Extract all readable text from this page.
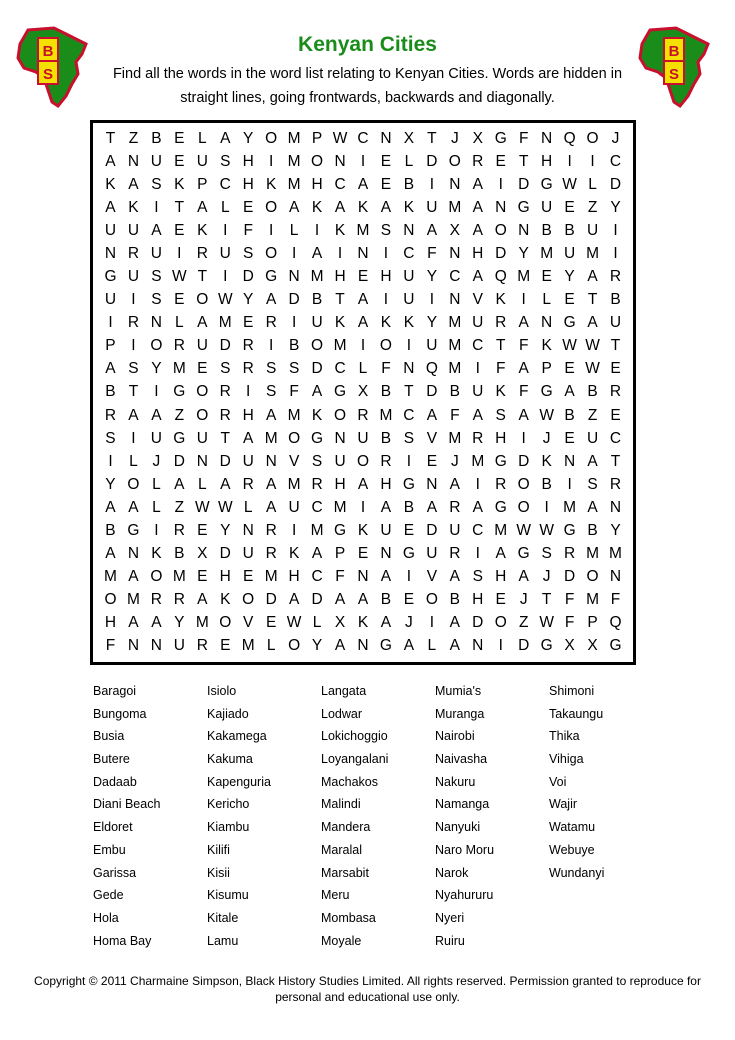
B
S
B
S
Kenyan Cities
Find all the words in the word list relating to Kenyan Cities. Words are hidden in straight lines, going frontwards, backwards and diagonally.
T Z B E L A Y O M P W C N X T J X G F N Q O J
A N U E U S H I M O N I	E L D O R E T H I	I C
K A S K P C H K M H C A E B	I N A	I D G W L D
A K	I	T A L E O A K A K A K U M A N G U E Z Y
U U A E K	I	F	I	L	I	K M S N A X A O N B B U I
N R U I R U S O I	A	I N I C F N H D Y M U M I
G U S W T	I D G N M H E H U Y C A Q M E Y A R
U I	S E O W Y A D B T A	I U I N V K	I	L E T B
I R N L A M E R I U K A K K Y M U R A N G A U
P	I O R U D R I	B O M I O I U M C T F K W W T
A S Y M E S R S S D C L F N Q M I	F A P E W E
B T	I G O R I	S F A G X B T D B U K F G A B R
R A A Z O R H A M K O R M C A F A S A W B Z E
S	I U G U T A M O G N U B S V M R H I	J E U C
I	L J D N D U N V S U O R I	E J M G D K N A T
Y O L A L A R A M R H A H G N A	I R O B	I	S R
A A L Z W W L A U C M I	A B A R A G O I M A N
B G I R E Y N R I M G K U E D U C M W W G B Y
A N K B X D U R K A P E N G U R I	A G S R M M
M A O M E H E M H C F N A	I	V A S H A J D O N
O M R R A K O D A D A A B E O B H E J T F M F
H A A Y M O V E W L X K A J	I	A D O Z W F P Q
F N N U R E M L O Y A N G A L A N I D G X X G
Baragoi
Bungoma
Busia
Butere
Dadaab
Diani Beach
Eldoret
Embu
Garissa
Gede
Hola
Homa Bay
Isiolo
Kajiado
Kakamega
Kakuma
Kapenguria
Kericho
Kiambu
Kilifi
Kisii
Kisumu
Kitale
Lamu
Langata
Lodwar
Lokichoggio
Loyangalani
Machakos
Malindi
Mandera
Maralal
Marsabit
Meru
Mombasa
Moyale
Mumia's
Muranga
Nairobi
Naivasha
Nakuru
Namanga
Nanyuki
Naro Moru
Narok
Nyahururu
Nyeri
Ruiru
Shimoni
Takaungu
Thika
Vihiga
Voi
Wajir
Watamu
Webuye
Wundanyi
Copyright © 2011 Charmaine Simpson, Black History Studies Limited. All rights reserved. Permission granted to reproduce for personal and educational use only.
